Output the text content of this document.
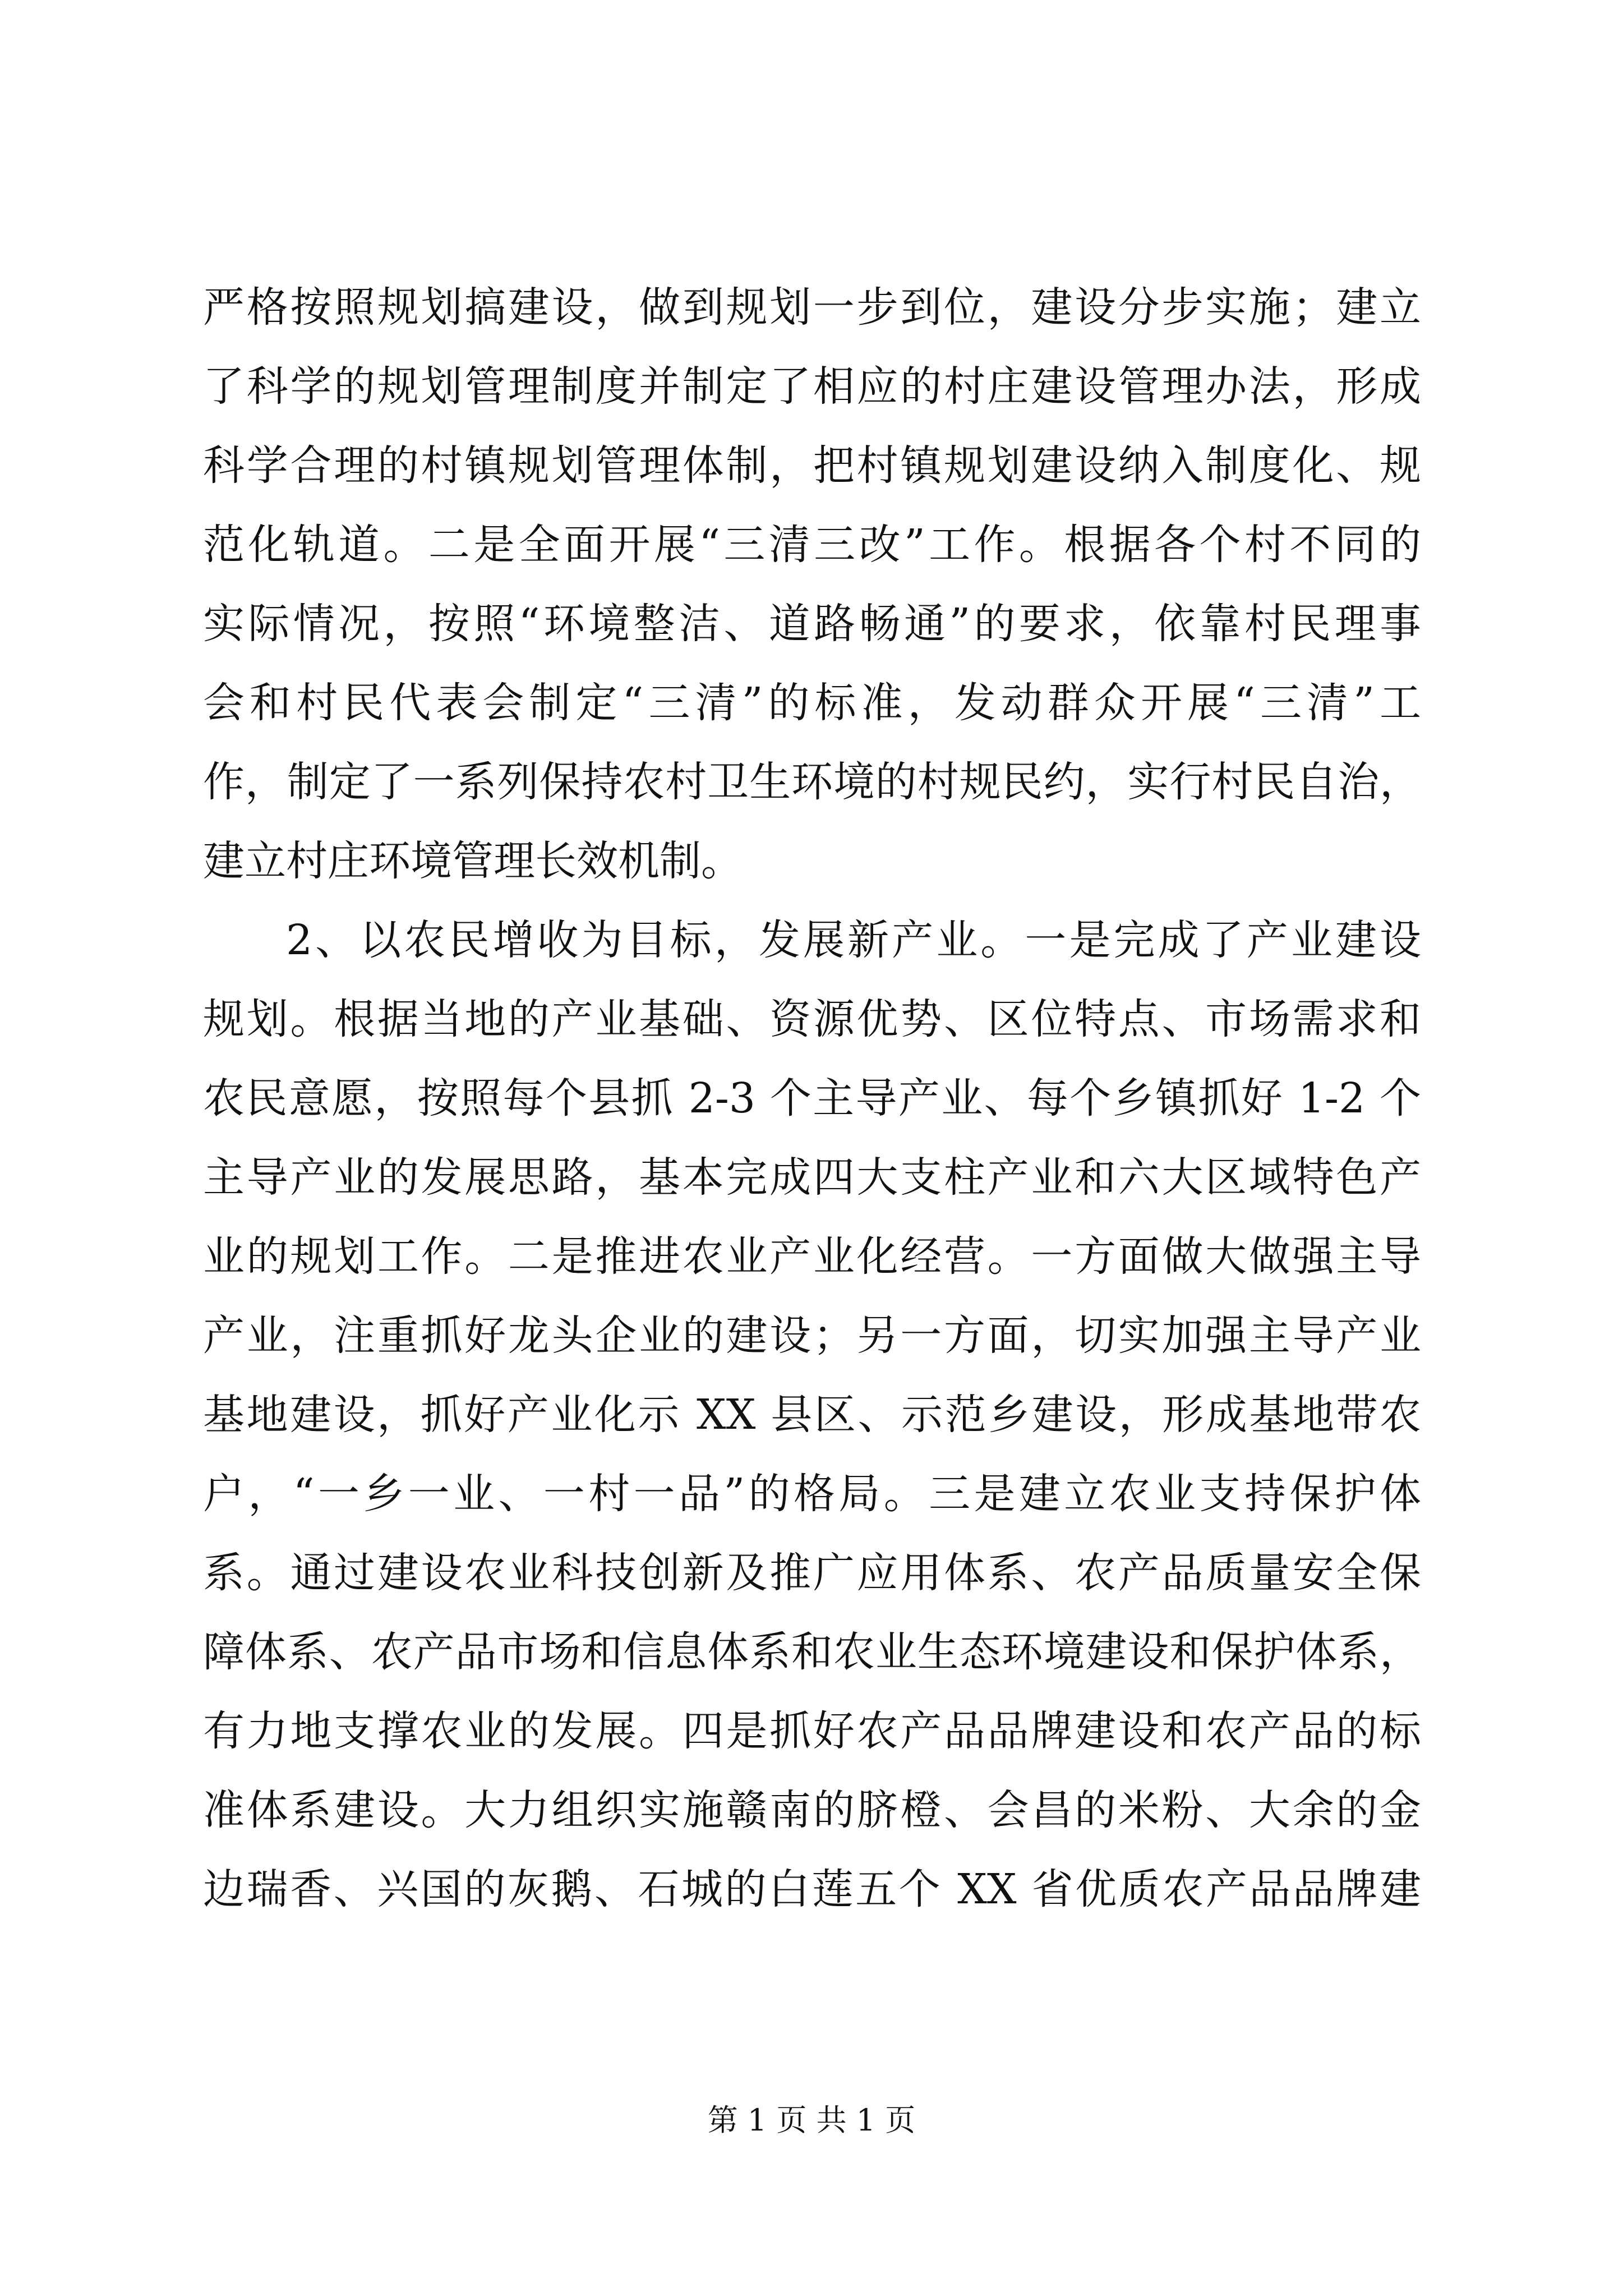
严格按照规划搞建设，做到规划一步到位，建设分步实施；建立
了科学的规划管理制度并制定了相应的村庄建设管理办法，形成
科学合理的村镇规划管理体制，把村镇规划建设纳入制度化、规
范化轨道。二是全面开展“三清三改”工作。根据各个村不同的
实际情况，按照“环境整洁、道路畅通”的要求，依靠村民理事
会和村民代表会制定“三清”的标准，发动群众开展“三清”工
作，制定了一系列保持农村卫生环境的村规民约，实行村民自治，
建立村庄环境管理长效机制。
2、以农民增收为目标，发展新产业。一是完成了产业建设
规划。根据当地的产业基础、资源优势、区位特点、市场需求和
农民意愿，按照每个县抓 2-3 个主导产业、每个乡镇抓好 1-2 个
主导产业的发展思路，基本完成四大支柱产业和六大区域特色产
业的规划工作。二是推进农业产业化经营。一方面做大做强主导
产业，注重抓好龙头企业的建设；另一方面，切实加强主导产业
基地建设，抓好产业化示 XX 县区、示范乡建设，形成基地带农
户，“一乡一业、一村一品”的格局。三是建立农业支持保护体
系。通过建设农业科技创新及推广应用体系、农产品质量安全保
障体系、农产品市场和信息体系和农业生态环境建设和保护体系，
有力地支撑农业的发展。四是抓好农产品品牌建设和农产品的标
准体系建设。大力组织实施赣南的脐橙、会昌的米粉、大余的金
边瑞香、兴国的灰鹅、石城的白莲五个 XX 省优质农产品品牌建
第 1 页 共 1 页
